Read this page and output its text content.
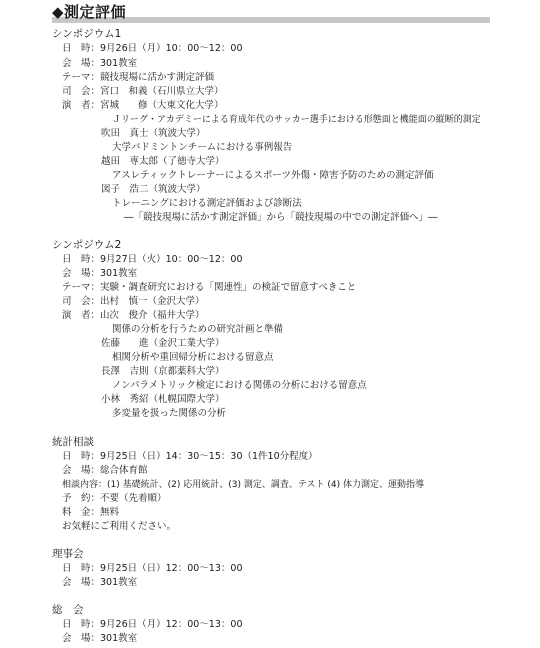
◆測定評価
シンポジウム1
日　時：9月26日（月）10：00〜12：00
会　場：301教室
テーマ：競技現場に活かす測定評価
司　会：宮口　和義（石川県立大学）
演　者：宮城　　修（大東文化大学）
Ｊリーグ・アカデミーによる育成年代のサッカー選手における形態面と機能面の縦断的測定
吹田　真士（筑波大学）
大学バドミントンチームにおける事例報告
越田　専太郎（了徳寺大学）
アスレティックトレーナーによるスポーツ外傷・障害予防のための測定評価
図子　浩二（筑波大学）
トレーニングにおける測定評価および診断法
―「競技現場に活かす測定評価」から「競技現場の中での測定評価へ」―
シンポジウム2
日　時：9月27日（火）10：00〜12：00
会　場：301教室
テーマ：実験・調査研究における「関連性」の検証で留意すべきこと
司　会：出村　慎一（金沢大学）
演　者：山次　俊介（福井大学）
関係の分析を行うための研究計画と準備
佐藤　　進（金沢工業大学）
相関分析や重回帰分析における留意点
長澤　吉則（京都薬科大学）
ノンパラメトリック検定における関係の分析における留意点
小林　秀紹（札幌国際大学）
多変量を扱った関係の分析
統計相談
日　時：9月25日（日）14：30〜15：30（1件10分程度）
会　場：総合体育館
相談内容：(1) 基礎統計、(2) 応用統計、(3) 測定、調査、テスト (4) 体力測定、運動指導
予　約：不要（先着順）
料　金：無料
お気軽にご利用ください。
理事会
日　時：9月25日（日）12：00〜13：00
会　場：301教室
総　会
日　時：9月26日（月）12：00〜13：00
会　場：301教室
